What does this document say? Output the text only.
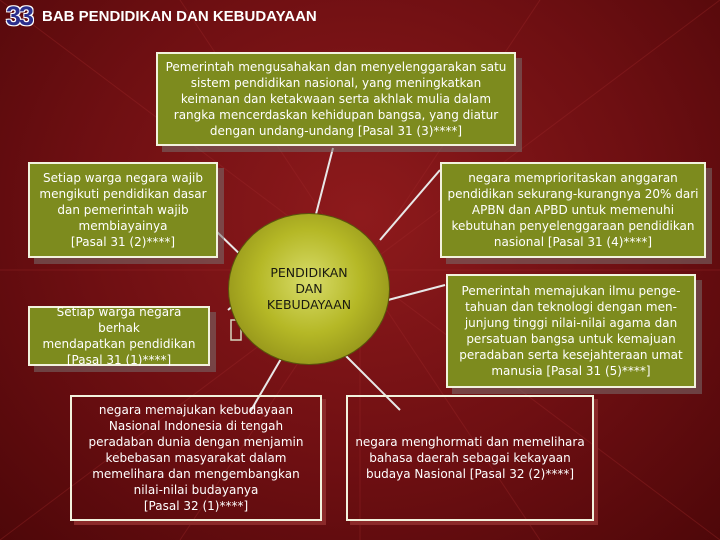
33 BAB PENDIDIKAN DAN KEBUDAYAAN
Pemerintah mengusahakan dan menyelenggarakan satu
sistem pendidikan nasional, yang meningkatkan
keimanan dan ketakwaan serta akhlak mulia dalam
rangka mencerdaskan kehidupan bangsa, yang diatur
dengan undang-undang [Pasal 31 (3)****]
Setiap warga negara wajib
mengikuti pendidikan dasar
dan pemerintah wajib
membiayainya
[Pasal 31 (2)****]
negara memprioritaskan anggaran
pendidikan sekurang-kurangnya 20% dari
APBN dan APBD untuk memenuhi
kebutuhan penyelenggaraan pendidikan
nasional [Pasal 31 (4)****]
Setiap warga negara berhak
mendapatkan pendidikan
[Pasal 31 (1)****]
Pemerintah memajukan ilmu penge-
tahuan dan teknologi dengan men-
junjung tinggi nilai-nilai agama dan
persatuan bangsa untuk kemajuan
peradaban serta kesejahteraan umat
manusia [Pasal 31 (5)****]
negara memajukan kebudayaan
Nasional Indonesia di tengah
peradaban dunia dengan menjamin
kebebasan masyarakat dalam
memelihara dan mengembangkan
nilai-nilai budayanya
[Pasal 32 (1)****]
negara menghormati dan memelihara
bahasa daerah sebagai kekayaan
budaya Nasional [Pasal 32 (2)****]
PENDIDIKAN
DAN
KEBUDAYAAN
